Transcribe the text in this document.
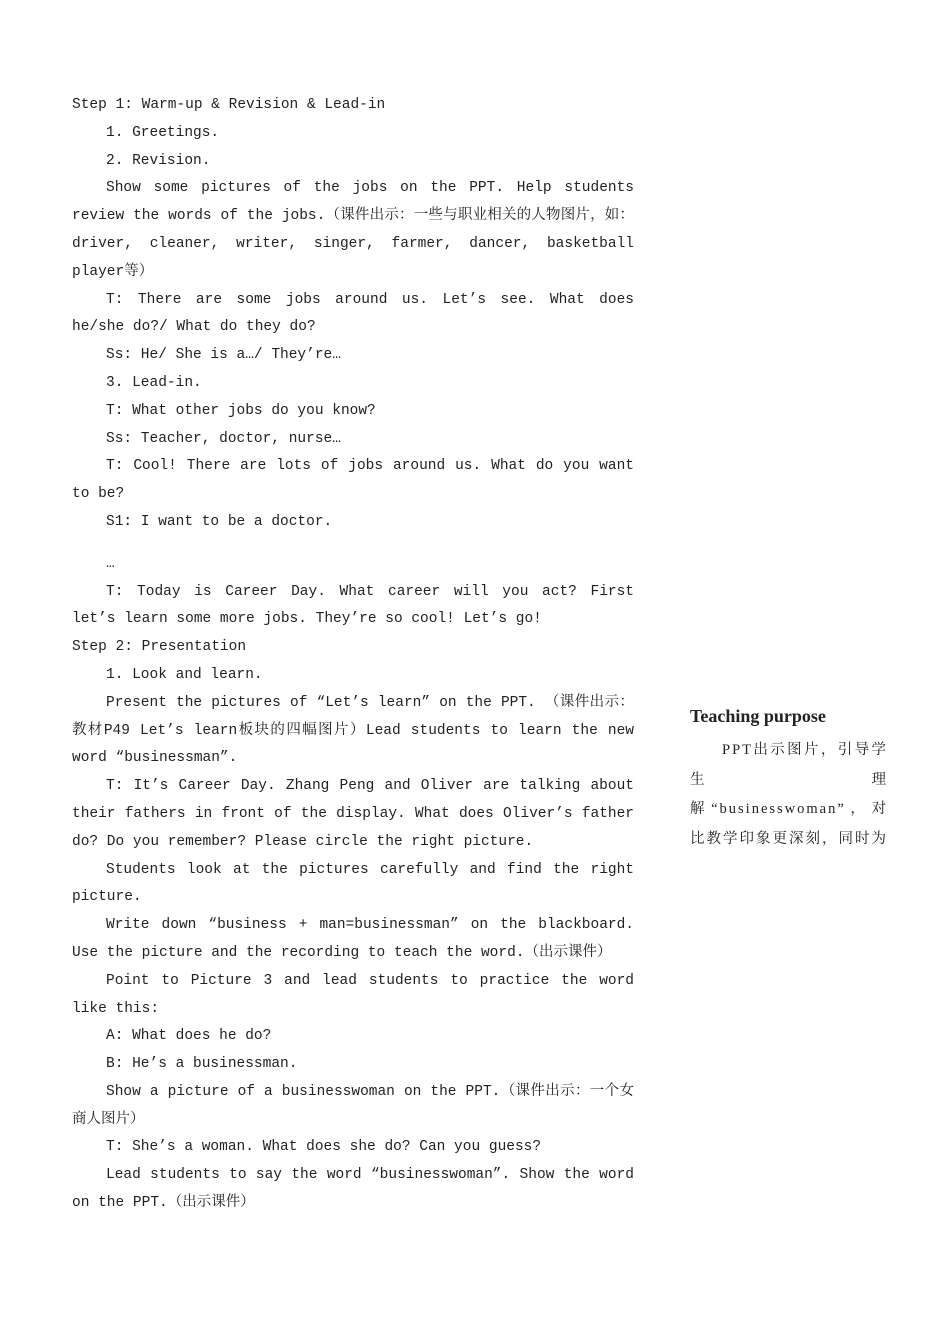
Step 1: Warm-up & Revision & Lead-in

1. Greetings.

2. Revision.

Show some pictures of the jobs on the PPT. Help students review the words of the jobs.（课件出示：一些与职业相关的人物图片，如：driver, cleaner, writer, singer, farmer, dancer, basketball player等）

T: There are some jobs around us. Let’s see. What does he/she do?/ What do they do?

Ss: He/ She is a…/ They’re…

3. Lead-in.

T: What other jobs do you know?

Ss: Teacher, doctor, nurse…

T: Cool! There are lots of jobs around us. What do you want to be?

S1: I want to be a doctor.

…

T: Today is Career Day. What career will you act? First let’s learn some more jobs. They’re so cool! Let’s go!

Step 2: Presentation

1. Look and learn.

Present the pictures of “Let’s learn” on the PPT. （课件出示：教材P49 Let’s learn板块的四幅图片）Lead students to learn the new word “businessman”.

T: It’s Career Day. Zhang Peng and Oliver are talking about their fathers in front of the display. What does Oliver’s father do? Do you remember? Please circle the right picture.

Students look at the pictures carefully and find the right picture.

Write down “business + man=businessman” on the blackboard. Use the picture and the recording to teach the word.（出示课件）

Point to Picture 3 and lead students to practice the word like this:

A: What does he do?

B: He’s a businessman.

Show a picture of a businesswoman on the PPT.（课件出示：一个女商人图片）

T: She’s a woman. What does she do? Can you guess?

Lead students to say the word “businesswoman”. Show the word on the PPT.（出示课件）

Teaching purpose

PPT出示图片，引导学生理解“businesswoman”，对比教学印象更深刻，同时为
